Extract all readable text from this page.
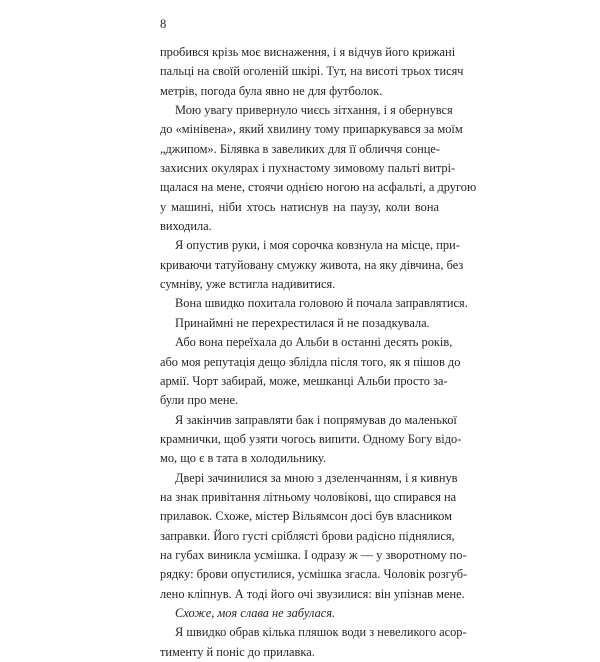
8

пробився крізь моє виснаження, і я відчув його крижані
пальці на своїй оголеній шкірі. Тут, на висоті трьох тисяч
метрів, погода була явно не для футболок.

Мою увагу привернуло чиєсь зітхання, і я обернувся
до «мінівена», який хвилину тому припаркувався за моїм
„джипом». Білявка в завеликих для її обличчя сонце-
захисних окулярах і пухнастому зимовому пальті витрі-
щалася на мене, стоячи однією ногою на асфальті, а другою
у машині, ніби хтось натиснув на паузу, коли вона
виходила.

Я опустив руки, і моя сорочка ковзнула на місце, при-
криваючи татуйовану смужку живота, на яку дівчина, без
сумніву, уже встигла надивитися.

Вона швидко похитала головою й почала заправлятися.

Принаймні не перехрестилася й не позадкувала.

Або вона переїхала до Альби в останні десять років,
або моя репутація дещо зблідла після того, як я пішов до
армії. Чорт забирай, може, мешканці Альби просто за-
були про мене.

Я закінчив заправляти бак і попрямував до маленької
крамнички, щоб узяти чогось випити. Одному Богу відо-
мо, що є в тата в холодильнику.

Двері зачинилися за мною з дзеленчанням, і я кивнув
на знак привітання літньому чоловікові, що спирався на
прилавок. Схоже, містер Вільямсон досі був власником
заправки. Його густі сріблясті брови радісно піднялися,
на губах виникла усмішка. І одразу ж — у зворотному по-
рядку: брови опустилися, усмішка згасла. Чоловік розгуб-
лено кліпнув. А тоді його очі звузилися: він упізнав мене.

Схоже, моя слава не забулася.

Я швидко обрав кілька пляшок води з невеликого асор-
тименту й поніс до прилавка.
